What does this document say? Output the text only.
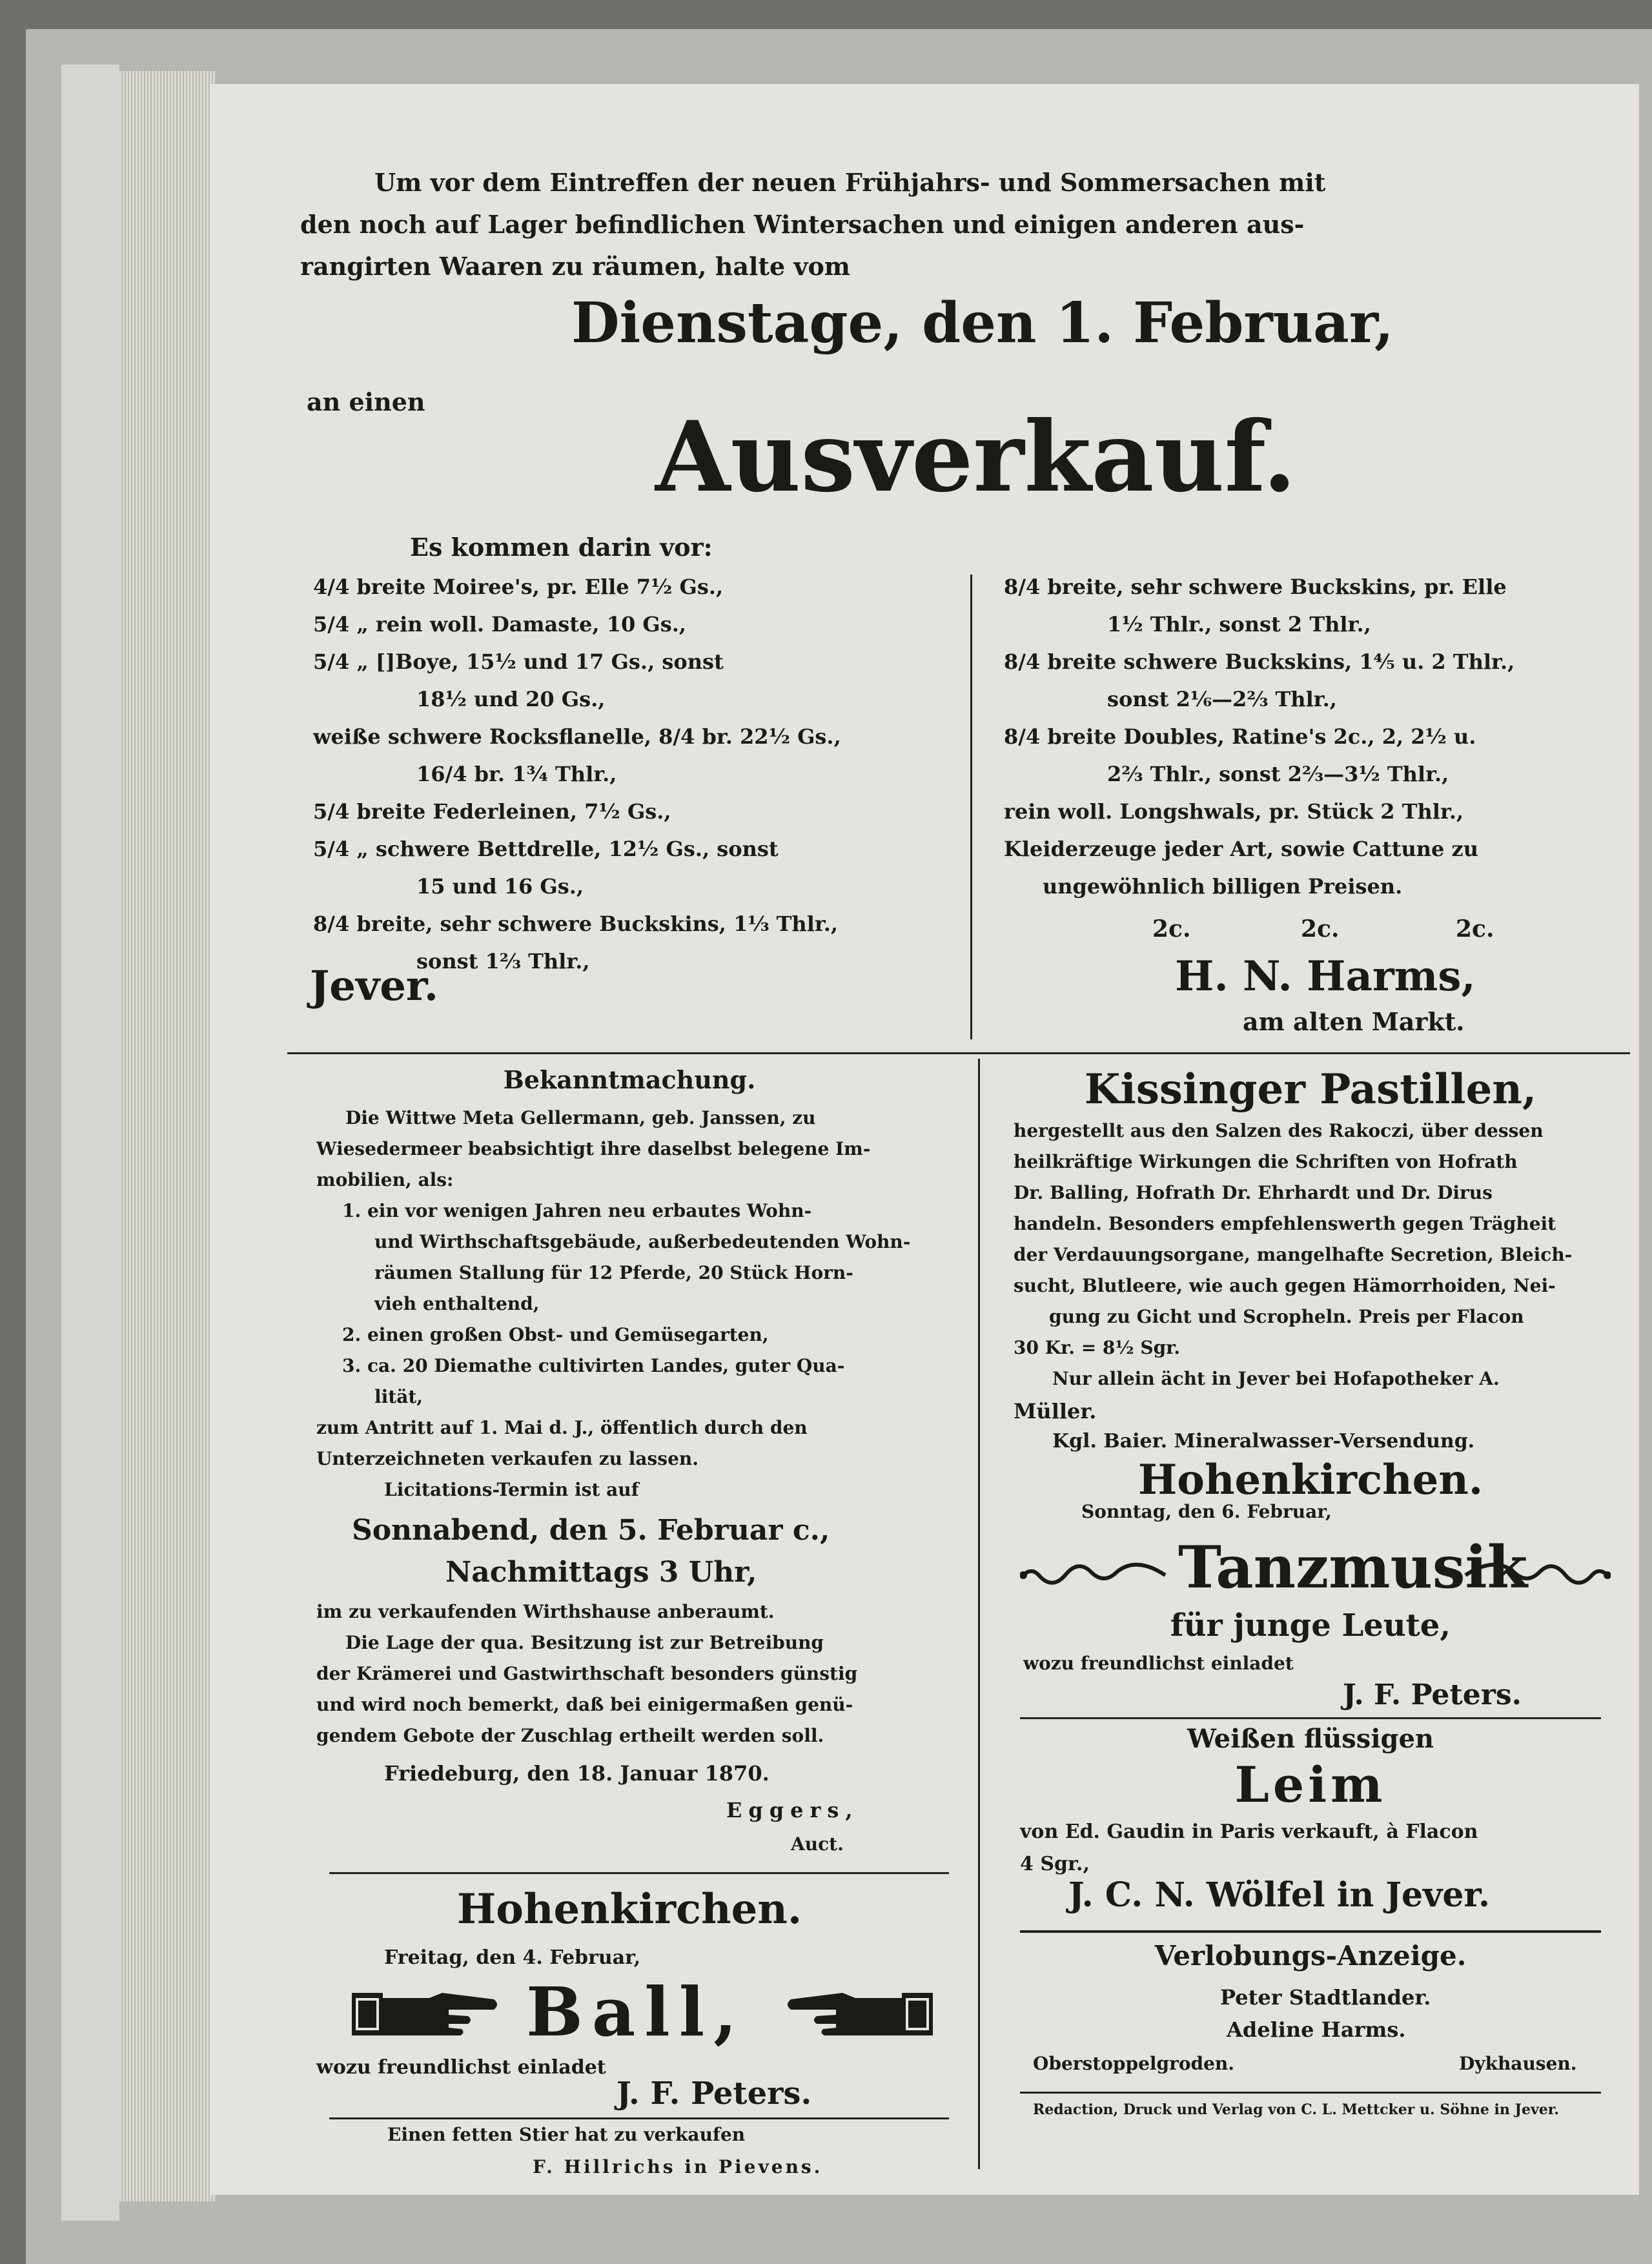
Um vor dem Eintreffen der neuen Frühjahrs- und Sommersachen mit
den noch auf Lager befindlichen Wintersachen und einigen anderen aus-
rangirten Waaren zu räumen, halte vom
Dienstage, den 1. Februar,
an einen Ausverkauf.
Es kommen darin vor:
4/4 breite Moiree's, pr. Elle 7½ Gs.,
5/4 „ rein woll. Damaste, 10 Gs.,
5/4 „ []Boye, 15½ und 17 Gs., sonst
18½ und 20 Gs.,
weiße schwere Rocksflanelle, 8/4 br. 22½ Gs.,
16/4 br. 1¾ Thlr.,
5/4 breite Federleinen, 7½ Gs.,
5/4 „ schwere Bettdrelle, 12½ Gs., sonst
15 und 16 Gs.,
8/4 breite, sehr schwere Buckskins, 1⅓ Thlr.,
sonst 1⅔ Thlr.,
8/4 breite, sehr schwere Buckskins, pr. Elle
1½ Thlr., sonst 2 Thlr.,
8/4 breite schwere Buckskins, 1⅘ u. 2 Thlr.,
sonst 2⅙—2⅔ Thlr.,
8/4 breite Doubles, Ratine's 2c., 2, 2½ u.
2⅔ Thlr., sonst 2⅔—3½ Thlr.,
rein woll. Longshwals, pr. Stück 2 Thlr.,
Kleiderzeuge jeder Art, sowie Cattune zu
ungewöhnlich billigen Preisen.
2c.	2c.	2c.
Jever.	H. N. Harms,
am alten Markt.
Bekanntmachung.
Die Wittwe Meta Gellermann, geb. Janssen, zu
Wiesedermeer beabsichtigt ihre daselbst belegene Im-
mobilien, als:
1. ein vor wenigen Jahren neu erbautes Wohn-
und Wirthschaftsgebäude, außerbedeutenden Wohn-
räumen Stallung für 12 Pferde, 20 Stück Horn-
vieh enthaltend,
2. einen großen Obst- und Gemüsegarten,
3. ca. 20 Diemathe cultivirten Landes, guter Qua-
lität,
zum Antritt auf 1. Mai d. J., öffentlich durch den
Unterzeichneten verkaufen zu lassen.
Licitations-Termin ist auf
Sonnabend, den 5. Februar c.,
Nachmittags 3 Uhr,
im zu verkaufenden Wirthshause anberaumt.
Die Lage der qua. Besitzung ist zur Betreibung
der Krämerei und Gastwirthschaft besonders günstig
und wird noch bemerkt, daß bei einigermaßen genü-
gendem Gebote der Zuschlag ertheilt werden soll.
Friedeburg, den 18. Januar 1870.
Eggers,
Auct.
Hohenkirchen.
Freitag, den 4. Februar,
Ball,
wozu freundlichst einladet
J. F. Peters.
Einen fetten Stier hat zu verkaufen
F. Hillrichs in Pievens.
Kissinger Pastillen,
hergestellt aus den Salzen des Rakoczi, über dessen
heilkräftige Wirkungen die Schriften von Hofrath
Dr. Balling, Hofrath Dr. Ehrhardt und Dr. Dirus
handeln. Besonders empfehlenswerth gegen Trägheit
der Verdauungsorgane, mangelhafte Secretion, Bleich-
sucht, Blutleere, wie auch gegen Hämorrhoiden, Nei-
gung zu Gicht und Scropheln. Preis per Flacon
30 Kr. = 8½ Sgr.
Nur allein ächt in Jever bei Hofapotheker A.
Müller.
Kgl. Baier. Mineralwasser-Versendung.
Hohenkirchen.
Sonntag, den 6. Februar,
Tanzmusik
für junge Leute,
wozu freundlichst einladet
J. F. Peters.
Weißen flüssigen
Leim
von Ed. Gaudin in Paris verkauft, à Flacon
4 Sgr.,
J. C. N. Wölfel in Jever.
Verlobungs-Anzeige.
Peter Stadtlander.
Adeline Harms.
Oberstoppelgroden.	Dykhausen.
Redaction, Druck und Verlag von C. L. Mettcker u. Söhne in Jever.
